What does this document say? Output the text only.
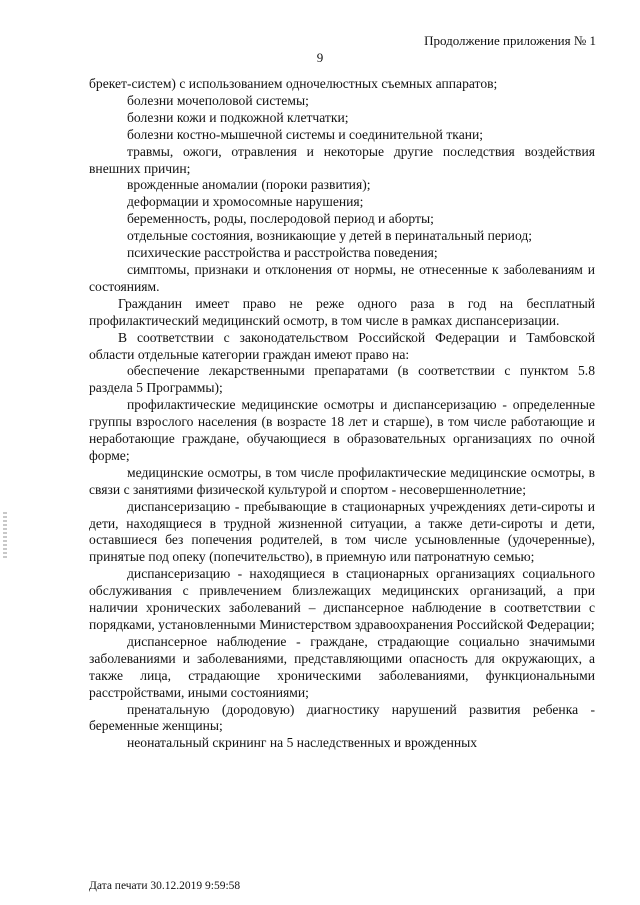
Продолжение приложения № 1
9

брекет-систем) с использованием одночелюстных съемных аппаратов;

болезни мочеполовой системы;

болезни кожи и подкожной клетчатки;

болезни костно-мышечной системы и соединительной ткани;

травмы, ожоги, отравления и некоторые другие последствия воздействия внешних причин;

врожденные аномалии (пороки развития);

деформации и хромосомные нарушения;

беременность, роды, послеродовой период и аборты;

отдельные состояния, возникающие у детей в перинатальный период;

психические расстройства и расстройства поведения;

симптомы, признаки и отклонения от нормы, не отнесенные к заболеваниям и состояниям.

Гражданин имеет право не реже одного раза в год на бесплатный профилактический медицинский осмотр, в том числе в рамках диспансеризации.

В соответствии с законодательством Российской Федерации и Тамбовской области отдельные категории граждан имеют право на:

обеспечение лекарственными препаратами (в соответствии с пунктом 5.8 раздела 5 Программы);

профилактические медицинские осмотры и диспансеризацию - определенные группы взрослого населения (в возрасте 18 лет и старше), в том числе работающие и неработающие граждане, обучающиеся в образовательных организациях по очной форме;

медицинские осмотры, в том числе профилактические медицинские осмотры, в связи с занятиями физической культурой и спортом - несовершеннолетние;

диспансеризацию - пребывающие в стационарных учреждениях дети-сироты и дети, находящиеся в трудной жизненной ситуации, а также дети-сироты и дети, оставшиеся без попечения родителей, в том числе усыновленные (удочеренные), принятые под опеку (попечительство), в приемную или патронатную семью;

диспансеризацию - находящиеся в стационарных организациях социального обслуживания с привлечением близлежащих медицинских организаций, а при наличии хронических заболеваний – диспансерное наблюдение в соответствии с порядками, установленными Министерством здравоохранения Российской Федерации;

диспансерное наблюдение - граждане, страдающие социально значимыми заболеваниями и заболеваниями, представляющими опасность для окружающих, а также лица, страдающие хроническими заболеваниями, функциональными расстройствами, иными состояниями;

пренатальную (дородовую) диагностику нарушений развития ребенка - беременные женщины;

неонатальный скрининг на 5 наследственных и врожденных

Дата печати 30.12.2019 9:59:58
